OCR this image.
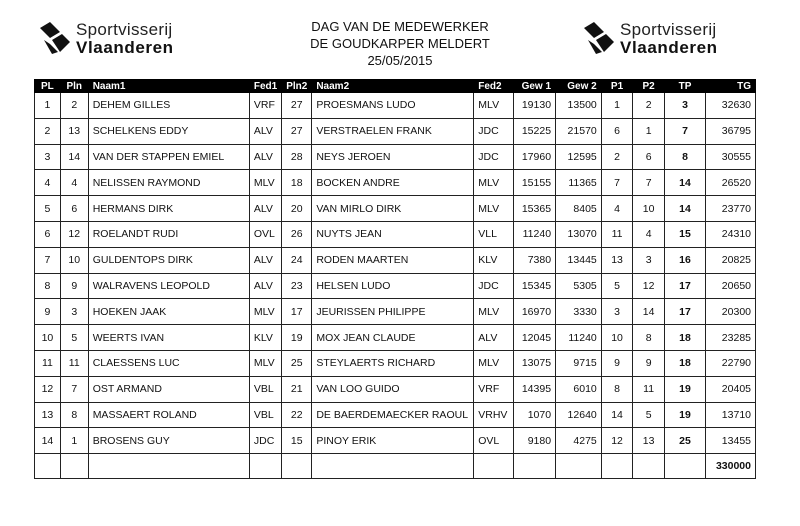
Sportvisserij
Vlaanderen
Sportvisserij
Vlaanderen
DAG VAN DE MEDEWERKER
DE GOUDKARPER MELDERT
25/05/2015
PL	Pln	Naam1	Fed1	Pln2	Naam2	Fed2	Gew 1	Gew 2	P1	P2	TP	TG
1	2	DEHEM GILLES	VRF	27	PROESMANS LUDO	MLV	19130	13500	1	2	3	32630
2	13	SCHELKENS EDDY	ALV	27	VERSTRAELEN FRANK	JDC	15225	21570	6	1	7	36795
3	14	VAN DER STAPPEN EMIEL	ALV	28	NEYS JEROEN	JDC	17960	12595	2	6	8	30555
4	4	NELISSEN RAYMOND	MLV	18	BOCKEN ANDRE	MLV	15155	11365	7	7	14	26520
5	6	HERMANS DIRK	ALV	20	VAN MIRLO DIRK	MLV	15365	8405	4	10	14	23770
6	12	ROELANDT RUDI	OVL	26	NUYTS JEAN	VLL	11240	13070	11	4	15	24310
7	10	GULDENTOPS DIRK	ALV	24	RODEN MAARTEN	KLV	7380	13445	13	3	16	20825
8	9	WALRAVENS LEOPOLD	ALV	23	HELSEN LUDO	JDC	15345	5305	5	12	17	20650
9	3	HOEKEN JAAK	MLV	17	JEURISSEN PHILIPPE	MLV	16970	3330	3	14	17	20300
10	5	WEERTS IVAN	KLV	19	MOX JEAN CLAUDE	ALV	12045	11240	10	8	18	23285
11	11	CLAESSENS LUC	MLV	25	STEYLAERTS RICHARD	MLV	13075	9715	9	9	18	22790
12	7	OST ARMAND	VBL	21	VAN LOO GUIDO	VRF	14395	6010	8	11	19	20405
13	8	MASSAERT ROLAND	VBL	22	DE BAERDEMAECKER RAOUL	VRHV	1070	12640	14	5	19	13710
14	1	BROSENS GUY	JDC	15	PINOY ERIK	OVL	9180	4275	12	13	25	13455
												330000
